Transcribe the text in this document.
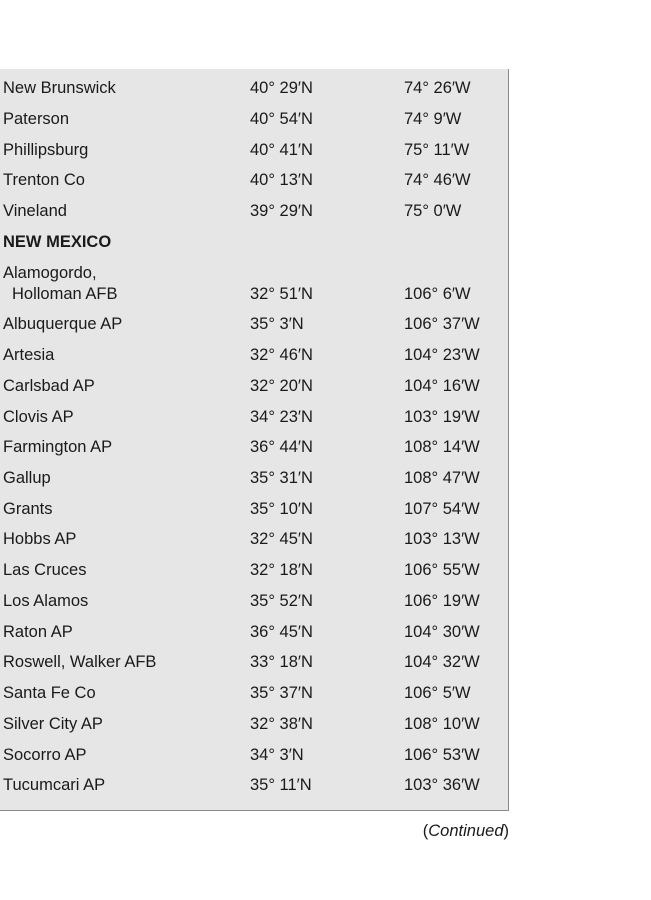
New Brunswick	40° 29′N	74° 26′W
Paterson	40° 54′N	74° 9′W
Phillipsburg	40° 41′N	75° 11′W
Trenton Co	40° 13′N	74° 46′W
Vineland	39° 29′N	75° 0′W
NEW MEXICO
Alamogordo,
Holloman AFB	32° 51′N	106° 6′W
Albuquerque AP	35° 3′N	106° 37′W
Artesia	32° 46′N	104° 23′W
Carlsbad AP	32° 20′N	104° 16′W
Clovis AP	34° 23′N	103° 19′W
Farmington AP	36° 44′N	108° 14′W
Gallup	35° 31′N	108° 47′W
Grants	35° 10′N	107° 54′W
Hobbs AP	32° 45′N	103° 13′W
Las Cruces	32° 18′N	106° 55′W
Los Alamos	35° 52′N	106° 19′W
Raton AP	36° 45′N	104° 30′W
Roswell, Walker AFB	33° 18′N	104° 32′W
Santa Fe Co	35° 37′N	106° 5′W
Silver City AP	32° 38′N	108° 10′W
Socorro AP	34° 3′N	106° 53′W
Tucumcari AP	35° 11′N	103° 36′W
(Continued)
